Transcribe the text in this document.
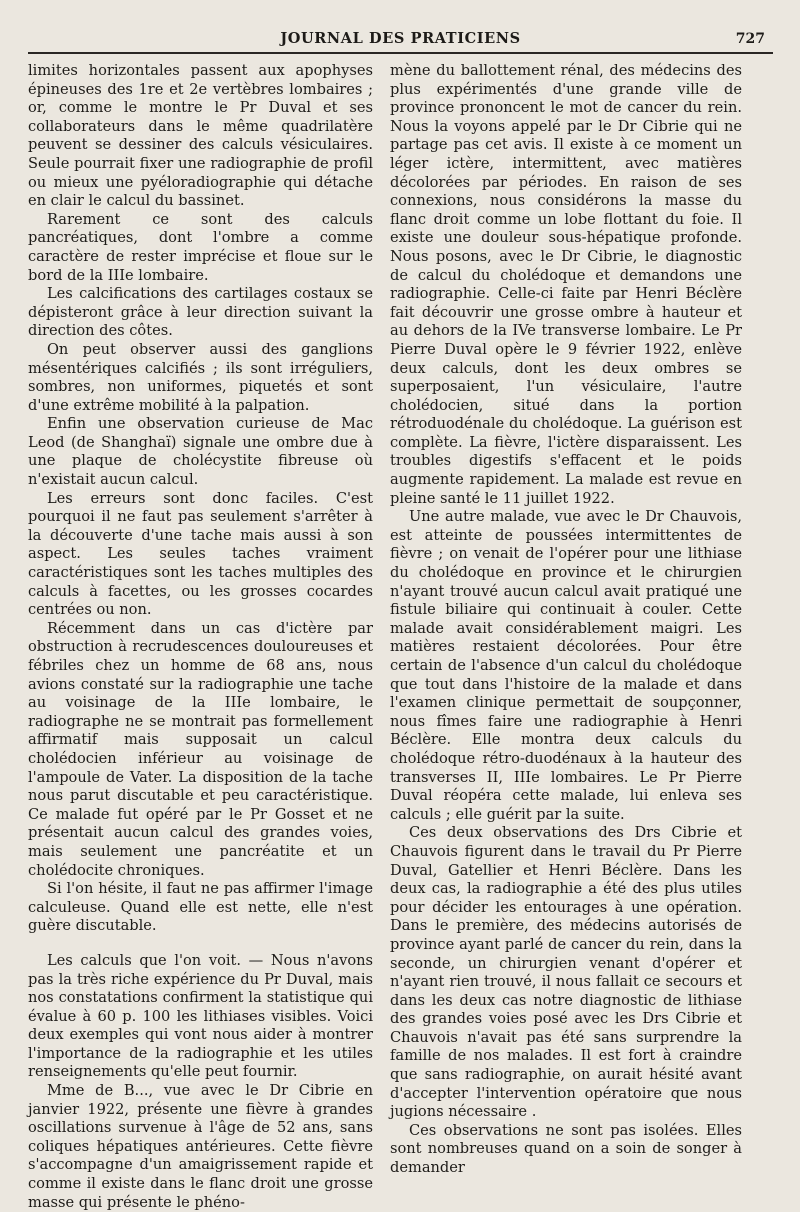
JOURNAL DES PRATICIENS	727

limites horizontales passent aux apophyses épineuses des 1re et 2e vertèbres lombaires ; or, comme le montre le Pr Duval et ses collaborateurs dans le même quadrilatère peuvent se dessiner des calculs vésiculaires. Seule pourrait fixer une radiographie de profil ou mieux une pyéloradiographie qui détache en clair le calcul du bassinet.

Rarement ce sont des calculs pancréatiques, dont l'ombre a comme caractère de rester imprécise et floue sur le bord de la IIIe lombaire.

Les calcifications des cartilages costaux se dépisteront grâce à leur direction suivant la direction des côtes.

On peut observer aussi des ganglions mésentériques calcifiés ; ils sont irréguliers, sombres, non uniformes, piquetés et sont d'une extrême mobilité à la palpation.

Enfin une observation curieuse de Mac Leod (de Shanghaï) signale une ombre due à une plaque de cholécystite fibreuse où n'existait aucun calcul.

Les erreurs sont donc faciles. C'est pourquoi il ne faut pas seulement s'arrêter à la découverte d'une tache mais aussi à son aspect. Les seules taches vraiment caractéristiques sont les taches multiples des calculs à facettes, ou les grosses cocardes centrées ou non.

Récemment dans un cas d'ictère par obstruction à recrudescences douloureuses et fébriles chez un homme de 68 ans, nous avions constaté sur la radiographie une tache au voisinage de la IIIe lombaire, le radiographe ne se montrait pas formellement affirmatif mais supposait un calcul cholédocien inférieur au voisinage de l'ampoule de Vater. La disposition de la tache nous parut discutable et peu caractéristique. Ce malade fut opéré par le Pr Gosset et ne présentait aucun calcul des grandes voies, mais seulement une pancréatite et un cholédocite chroniques.

Si l'on hésite, il faut ne pas affirmer l'image calculeuse. Quand elle est nette, elle n'est guère discutable.

Les calculs que l'on voit. — Nous n'avons pas la très riche expérience du Pr Duval, mais nos constatations confirment la statistique qui évalue à 60 p. 100 les lithiases visibles. Voici deux exemples qui vont nous aider à montrer l'importance de la radiographie et les utiles renseignements qu'elle peut fournir.

Mme de B..., vue avec le Dr Cibrie en janvier 1922, présente une fièvre à grandes oscillations survenue à l'âge de 52 ans, sans coliques hépatiques antérieures. Cette fièvre s'accompagne d'un amaigrissement rapide et comme il existe dans le flanc droit une grosse masse qui présente le phéno-

mène du ballottement rénal, des médecins des plus expérimentés d'une grande ville de province prononcent le mot de cancer du rein. Nous la voyons appelé par le Dr Cibrie qui ne partage pas cet avis. Il existe à ce moment un léger ictère, intermittent, avec matières décolorées par périodes. En raison de ses connexions, nous considérons la masse du flanc droit comme un lobe flottant du foie. Il existe une douleur sous-hépatique profonde. Nous posons, avec le Dr Cibrie, le diagnostic de calcul du cholédoque et demandons une radiographie. Celle-ci faite par Henri Béclère fait découvrir une grosse ombre à hauteur et au dehors de la IVe transverse lombaire. Le Pr Pierre Duval opère le 9 février 1922, enlève deux calculs, dont les deux ombres se superposaient, l'un vésiculaire, l'autre cholédocien, situé dans la portion rétroduodénale du cholédoque. La guérison est complète. La fièvre, l'ictère disparaissent. Les troubles digestifs s'effacent et le poids augmente rapidement. La malade est revue en pleine santé le 11 juillet 1922.

Une autre malade, vue avec le Dr Chauvois, est atteinte de poussées intermittentes de fièvre ; on venait de l'opérer pour une lithiase du cholédoque en province et le chirurgien n'ayant trouvé aucun calcul avait pratiqué une fistule biliaire qui continuait à couler. Cette malade avait considérablement maigri. Les matières restaient décolorées. Pour être certain de l'absence d'un calcul du cholédoque que tout dans l'histoire de la malade et dans l'examen clinique permettait de soupçonner, nous fîmes faire une radiographie à Henri Béclère. Elle montra deux calculs du cholédoque rétro-duodénaux à la hauteur des transverses II, IIIe lombaires. Le Pr Pierre Duval réopéra cette malade, lui enleva ses calculs ; elle guérit par la suite.

Ces deux observations des Drs Cibrie et Chauvois figurent dans le travail du Pr Pierre Duval, Gatellier et Henri Béclère. Dans les deux cas, la radiographie a été des plus utiles pour décider les entourages à une opération. Dans le première, des médecins autorisés de province ayant parlé de cancer du rein, dans la seconde, un chirurgien venant d'opérer et n'ayant rien trouvé, il nous fallait ce secours et dans les deux cas notre diagnostic de lithiase des grandes voies posé avec les Drs Cibrie et Chauvois n'avait pas été sans surprendre la famille de nos malades. Il est fort à craindre que sans radiographie, on aurait hésité avant d'accepter l'intervention opératoire que nous jugions nécessaire .

Ces observations ne sont pas isolées. Elles sont nombreuses quand on a soin de songer à demander
